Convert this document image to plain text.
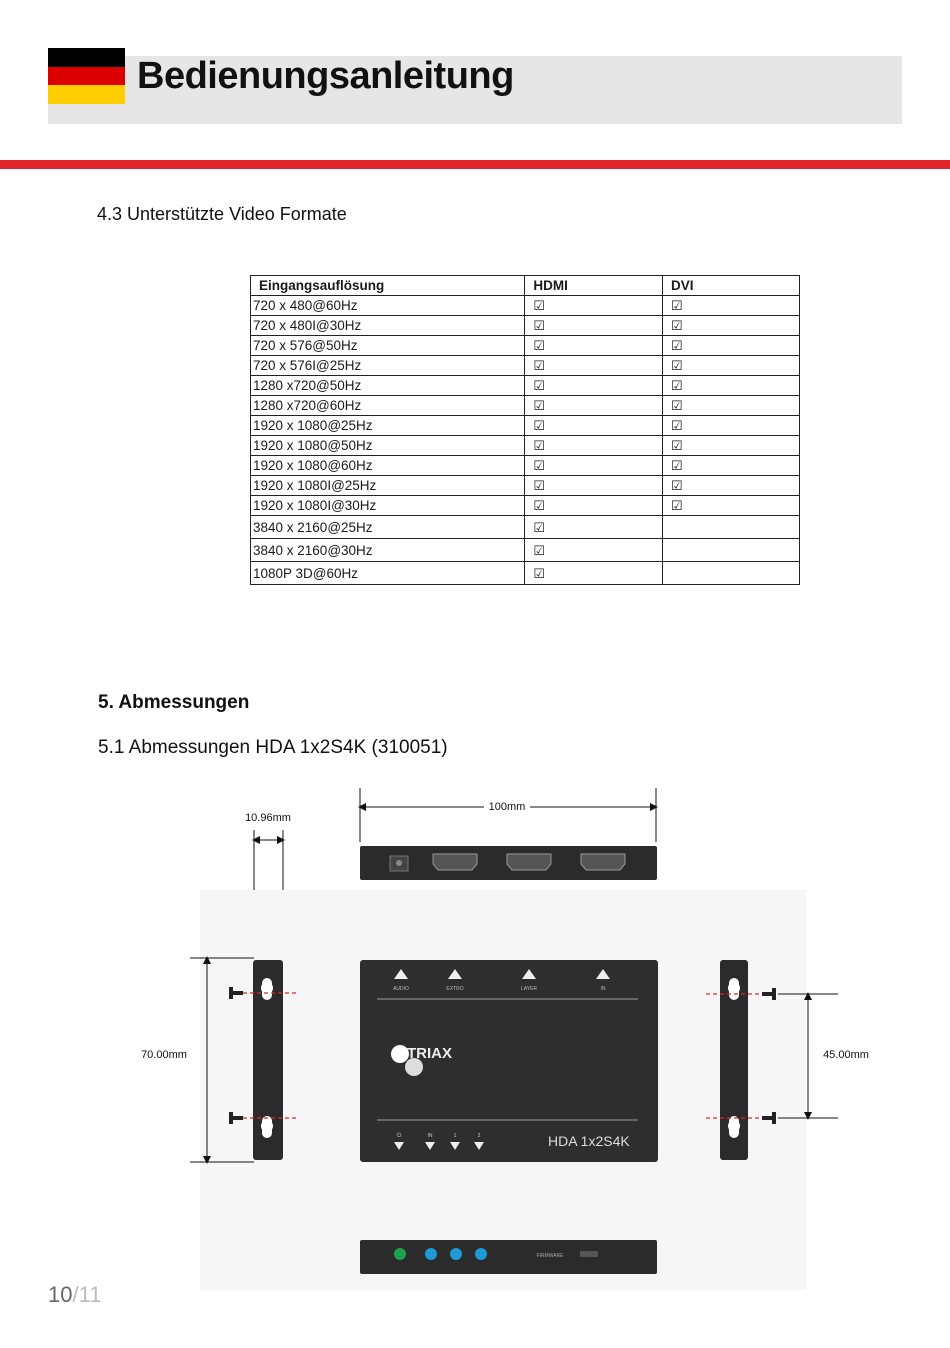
Bedienungsanleitung
4.3 Unterstützte Video Formate
Eingangsauflösung	HDMI	DVI
720 x 480@60Hz	☑	☑
720 x 480I@30Hz	☑	☑
720 x 576@50Hz	☑	☑
720 x 576I@25Hz	☑	☑
1280 x720@50Hz	☑	☑
1280 x720@60Hz	☑	☑
1920 x 1080@25Hz	☑	☑
1920 x 1080@50Hz	☑	☑
1920 x 1080@60Hz	☑	☑
1920 x 1080I@25Hz	☑	☑
1920 x 1080I@30Hz	☑	☑
3840 x 2160@25Hz	☑	
3840 x 2160@30Hz	☑	
1080P 3D@60Hz	☑	
5. Abmessungen
5.1 Abmessungen HDA 1x2S4K (310051)
100mm
10.96mm
70.00mm
AUDIO	EXTRO	LAYER	IN
TRIAX
⏻	IN	1	2	HDA 1x2S4K
45.00mm
FIRMWARE
10/11
